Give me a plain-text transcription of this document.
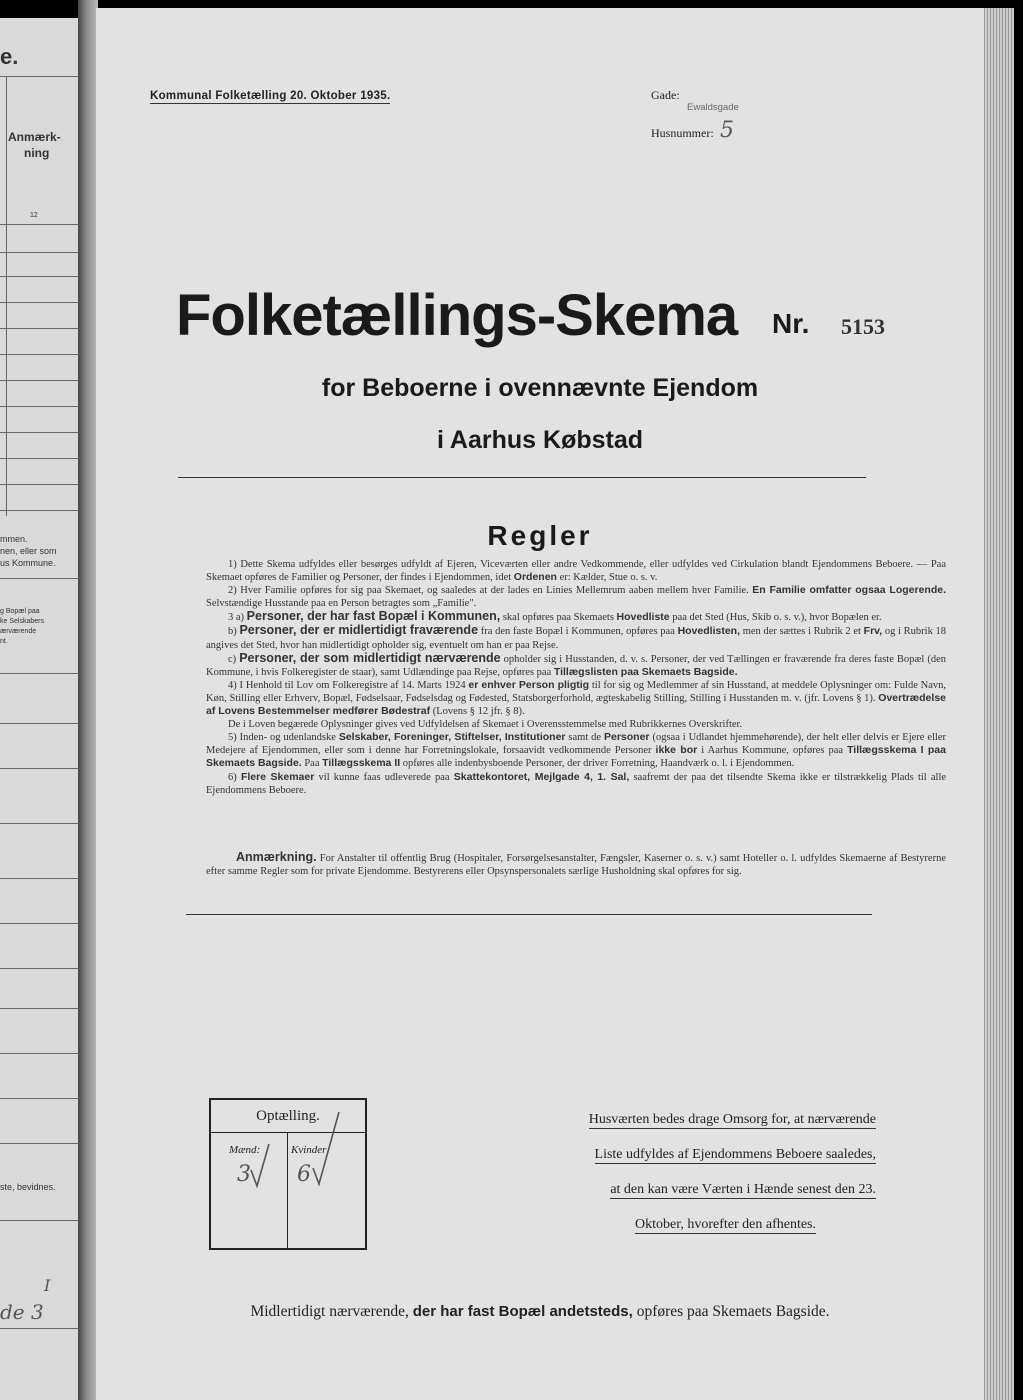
e.
Anmærk-
ning
12
mmen.
nen, eller som
us Kommune.
g Bopæl paa
ke Selskabers
ærværende
nt.
ste, bevidnes.
I
de 3
Kommunal Folketælling 20. Oktober 1935.	Gade:
Ewaldsgade
Husnummer: 5
Folketællings-Skema Nr. 5153
for Beboerne i ovennævnte Ejendom
i Aarhus Købstad
Regler

1) Dette Skema udfyldes eller besørges udfyldt af Ejeren, Viceværten eller andre Vedkommende, eller udfyldes ved Cirkulation blandt Ejendommens Beboere. — Paa Skemaet opføres de Familier og Personer, der findes i Ejendommen, idet Ordenen er: Kælder, Stue o. s. v.

2) Hver Familie opføres for sig paa Skemaet, og saaledes at der lades en Linies Mellemrum aaben mellem hver Familie. En Familie omfatter ogsaa Logerende. Selvstændige Husstande paa en Person betragtes som „Familie".

3 a) Personer, der har fast Bopæl i Kommunen, skal opføres paa Skemaets Hovedliste paa det Sted (Hus, Skib o. s. v.), hvor Bopælen er.

b) Personer, der er midlertidigt fraværende fra den faste Bopæl i Kommunen, opføres paa Hovedlisten, men der sættes i Rubrik 2 et Frv, og i Rubrik 18 angives det Sted, hvor han midlertidigt opholder sig, eventuelt om han er paa Rejse.

c) Personer, der som midlertidigt nærværende opholder sig i Husstanden, d. v. s. Personer, der ved Tællingen er fraværende fra deres faste Bopæl (den Kommune, i hvis Folkeregister de staar), samt Udlændinge paa Rejse, opføres paa Tillægslisten paa Skemaets Bagside.

4) I Henhold til Lov om Folkeregistre af 14. Marts 1924 er enhver Person pligtig til for sig og Medlemmer af sin Husstand, at meddele Oplysninger om: Fulde Navn, Køn, Stilling eller Erhverv, Bopæl, Fødselsaar, Fødselsdag og Fødested, Statsborgerforhold, ægteskabelig Stilling, Stilling i Husstanden m. v. (jfr. Lovens § 1). Overtrædelse af Lovens Bestemmelser medfører Bødestraf (Lovens § 12 jfr. § 8).

De i Loven begærede Oplysninger gives ved Udfyldelsen af Skemaet i Overensstemmelse med Rubrikkernes Overskrifter.

5) Inden- og udenlandske Selskaber, Foreninger, Stiftelser, Institutioner samt de Personer (ogsaa i Udlandet hjemmehørende), der helt eller delvis er Ejere eller Medejere af Ejendommen, eller som i denne har Forretningslokale, forsaavidt vedkommende Personer ikke bor i Aarhus Kommune, opføres paa Tillægsskema I paa Skemaets Bagside. Paa Tillægsskema II opføres alle indenbysboende Personer, der driver Forretning, Haandværk o. l. i Ejendommen.

6) Flere Skemaer vil kunne faas udleverede paa Skattekontoret, Mejlgade 4, 1. Sal, saafremt der paa det tilsendte Skema ikke er tilstrækkelig Plads til alle Ejendommens Beboere.

Anmærkning. For Anstalter til offentlig Brug (Hospitaler, Forsørgelsesanstalter, Fængsler, Kaserner o. s. v.) samt Hoteller o. l. udfyldes Skemaerne af Bestyrerne efter samme Regler som for private Ejendomme. Bestyrerens eller Opsynspersonalets særlige Husholdning skal opføres for sig.
Optælling.
Mænd:	Kvinder:
3 6
Husværten bedes drage Omsorg for, at nærværende
Liste udfyldes af Ejendommens Beboere saaledes,
at den kan være Værten i Hænde senest den 23.
Oktober, hvorefter den afhentes.
Midlertidigt nærværende, der har fast Bopæl andetsteds, opføres paa Skemaets Bagside.
